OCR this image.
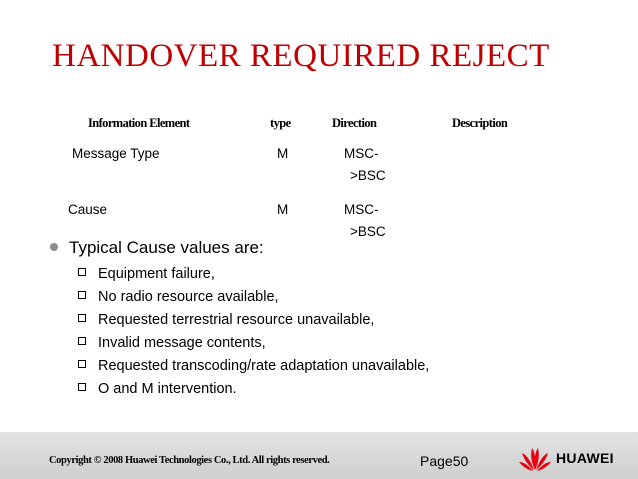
HANDOVER REQUIRED REJECT
Information Element	type	Direction	Description
Message Type	M	MSC-
>BSC
Cause	M	MSC-
>BSC
Typical Cause values are:
Equipment failure,
No radio resource available,
Requested terrestrial resource unavailable,
Invalid message contents,
Requested transcoding/rate adaptation unavailable,
O and M intervention.
Copyright © 2008 Huawei Technologies Co., Ltd. All rights reserved.	Page50	HUAWEI
